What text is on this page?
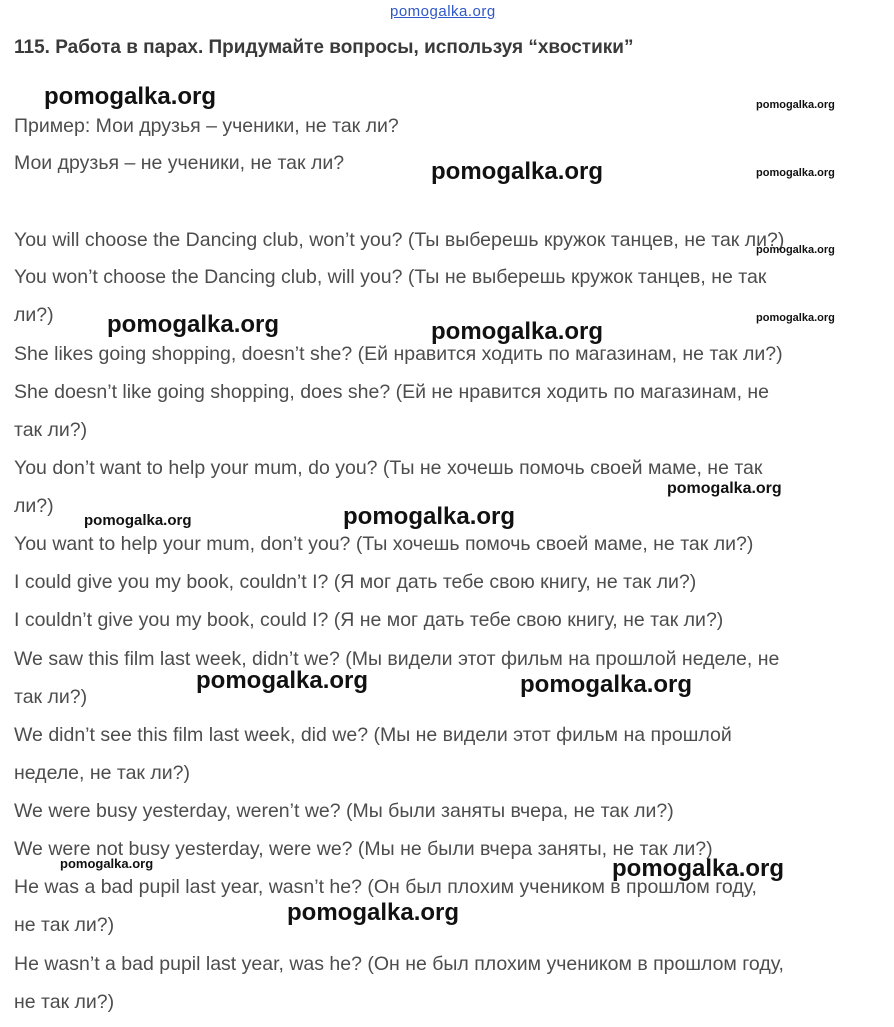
pomogalka.org
115. Работа в парах. Придумайте вопросы, используя “хвостики”
Пример: Мои друзья – ученики, не так ли?
Мои друзья – не ученики, не так ли?
You will choose the Dancing club, won’t you? (Ты выберешь кружок танцев, не так ли?)
You won’t choose the Dancing club, will you? (Ты не выберешь кружок танцев, не так
ли?)
She likes going shopping, doesn’t she? (Ей нравится ходить по магазинам, не так ли?)
She doesn’t like going shopping, does she? (Ей не нравится ходить по магазинам, не
так ли?)
You don’t want to help your mum, do you? (Ты не хочешь помочь своей маме, не так
ли?)
You want to help your mum, don’t you? (Ты хочешь помочь своей маме, не так ли?)
I could give you my book, couldn’t I? (Я мог дать тебе свою книгу, не так ли?)
I couldn’t give you my book, could I? (Я не мог дать тебе свою книгу, не так ли?)
We saw this film last week, didn’t we? (Мы видели этот фильм на прошлой неделе, не
так ли?)
We didn’t see this film last week, did we? (Мы не видели этот фильм на прошлой
неделе, не так ли?)
We were busy yesterday, weren’t we? (Мы были заняты вчера, не так ли?)
We were not busy yesterday, were we? (Мы не были вчера заняты, не так ли?)
He was a bad pupil last year, wasn’t he? (Он был плохим учеником в прошлом году,
не так ли?)
He wasn’t a bad pupil last year, was he? (Он не был плохим учеником в прошлом году,
не так ли?)
pomogalka.org	pomogalka.org
pomogalka.org	pomogalka.org
pomogalka.org
pomogalka.org	pomogalka.org	pomogalka.org
pomogalka.org
pomogalka.org	pomogalka.org
pomogalka.org	pomogalka.org
pomogalka.org	pomogalka.org
pomogalka.org
